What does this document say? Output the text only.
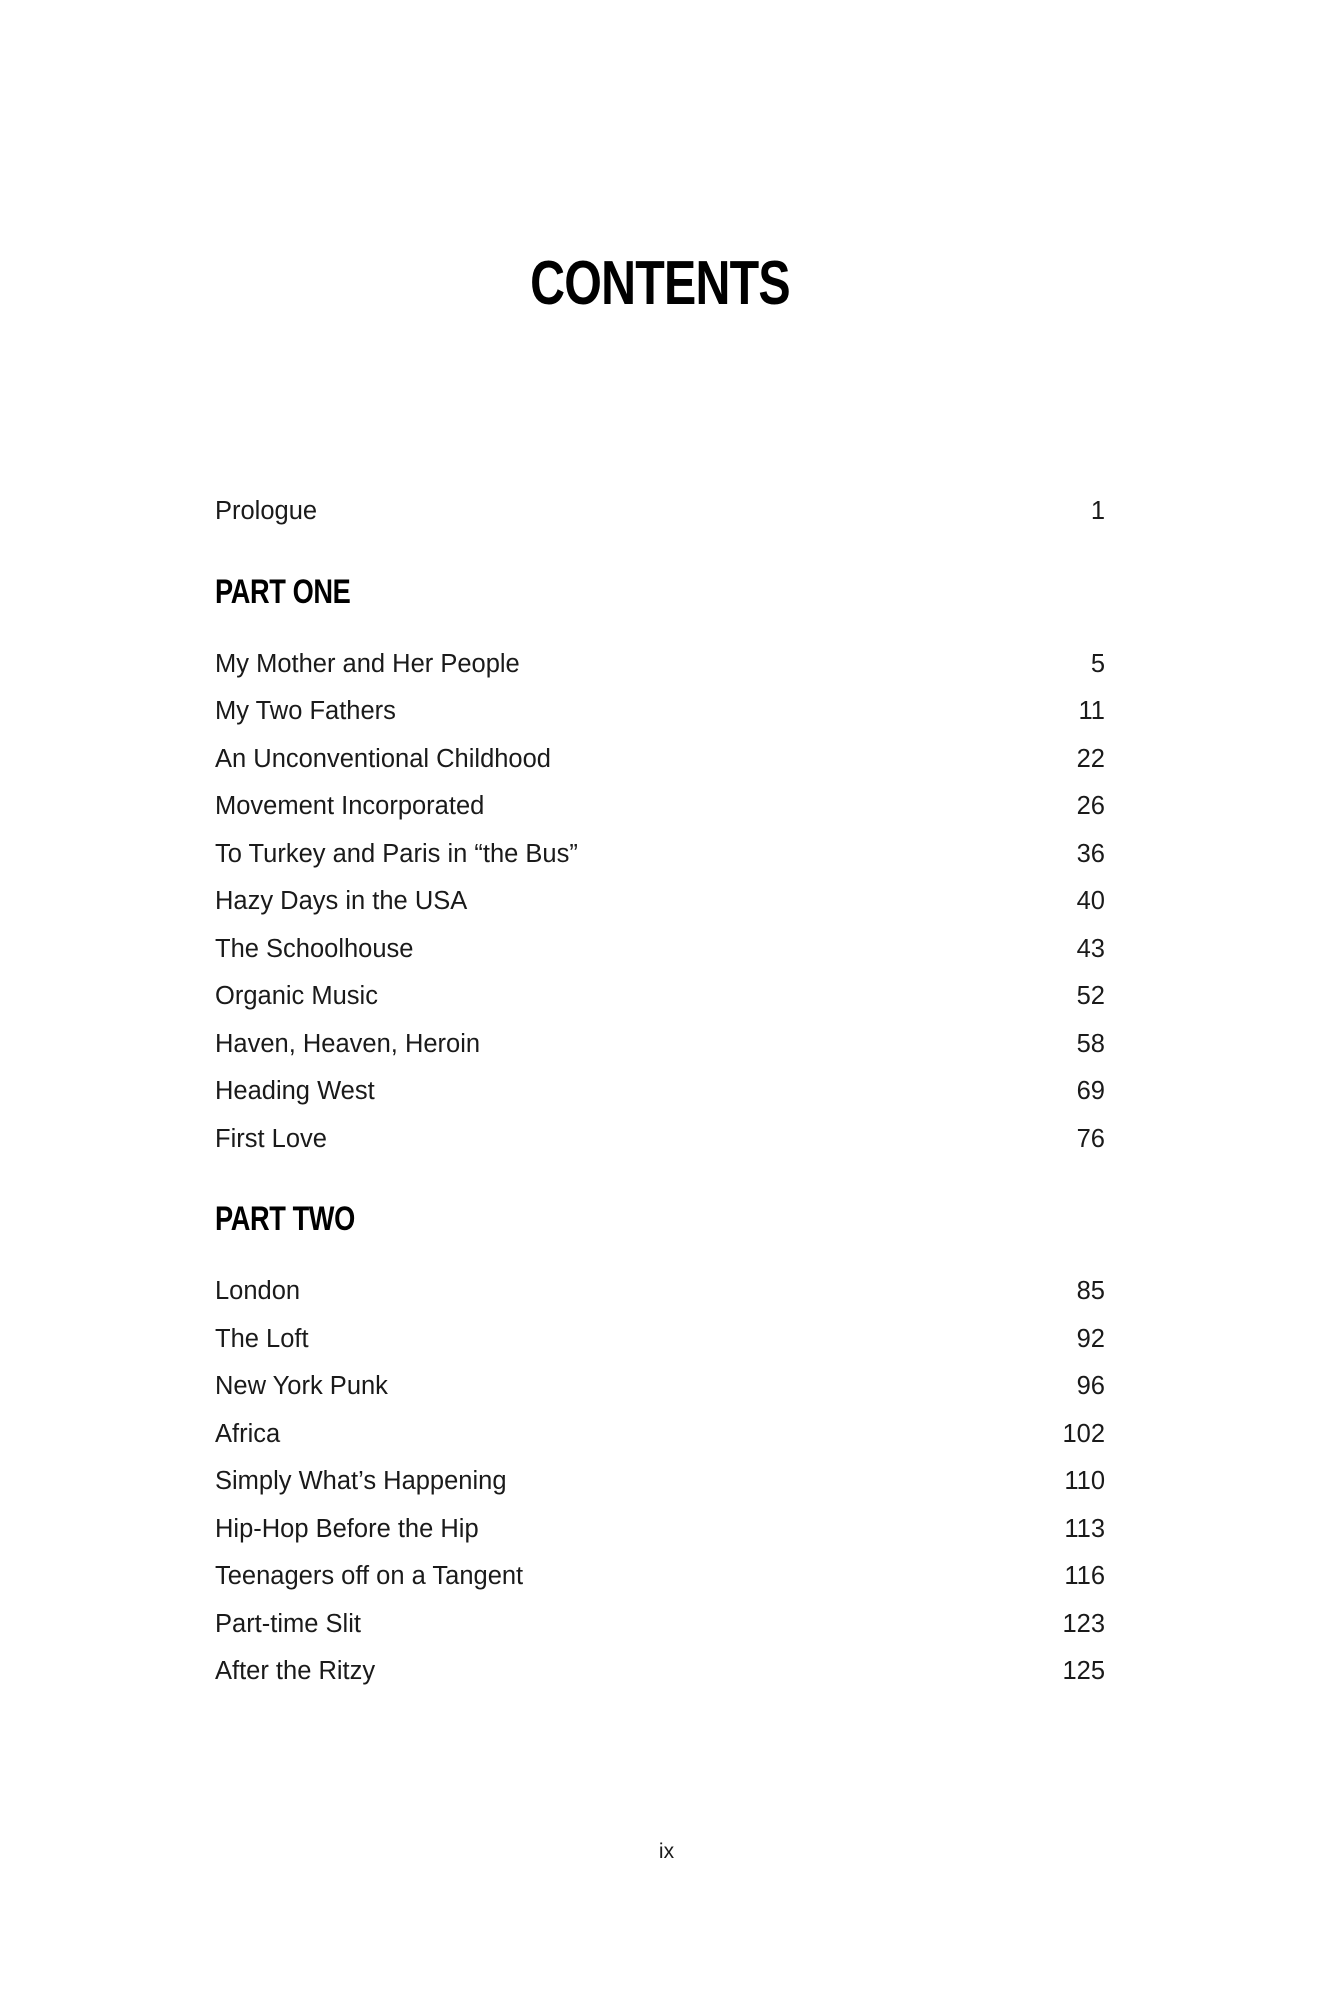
CONTENTS
Prologue	1
PART ONE
My Mother and Her People	5
My Two Fathers	11
An Unconventional Childhood	22
Movement Incorporated	26
To Turkey and Paris in “the Bus”	36
Hazy Days in the USA	40
The Schoolhouse	43
Organic Music	52
Haven, Heaven, Heroin	58
Heading West	69
First Love	76
PART TWO
London	85
The Loft	92
New York Punk	96
Africa	102
Simply What’s Happening	110
Hip-Hop Before the Hip	113
Teenagers off on a Tangent	116
Part-time Slit	123
After the Ritzy	125
ix
